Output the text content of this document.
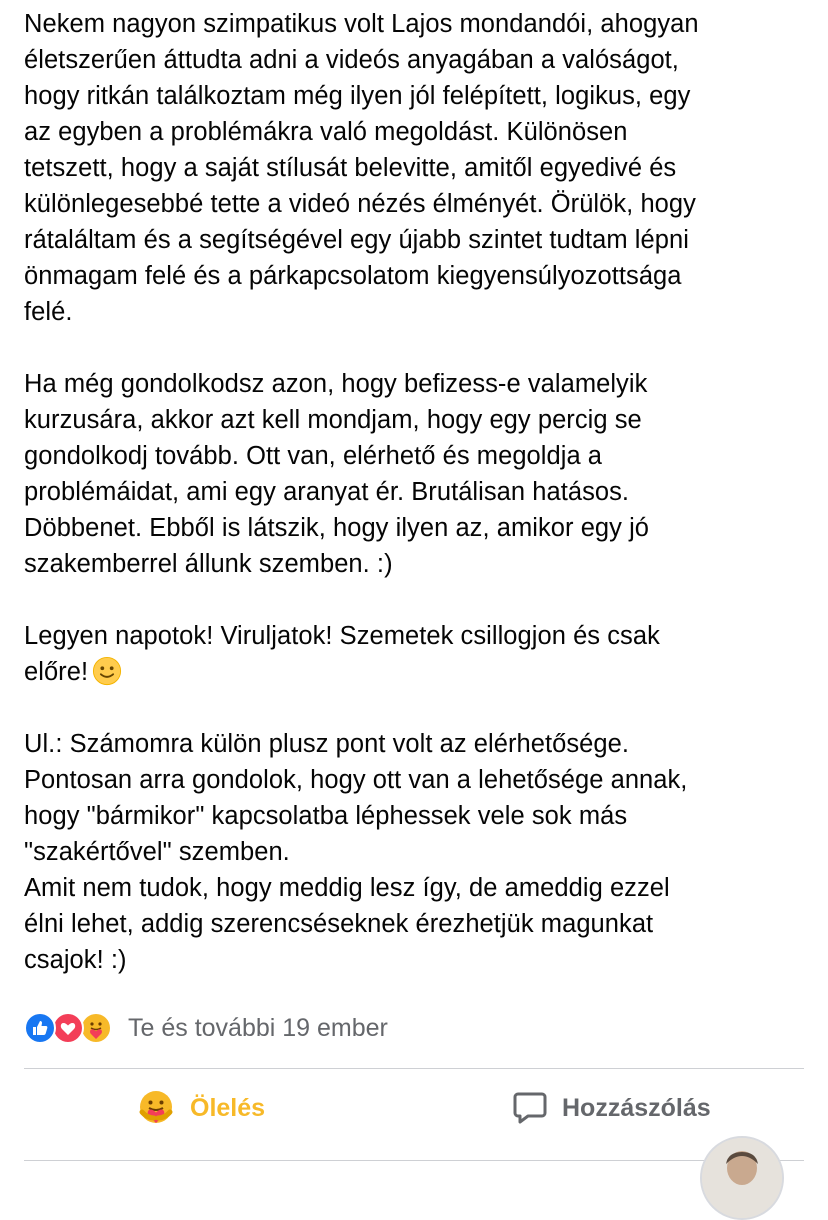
Nekem nagyon szimpatikus volt Lajos mondandói, ahogyan
életszerűen áttudta adni a videós anyagában a valóságot,
hogy ritkán találkoztam még ilyen jól felépített, logikus, egy
az egyben a problémákra való megoldást. Különösen
tetszett, hogy a saját stílusát belevitte, amitől egyedivé és
különlegesebbé tette a videó nézés élményét. Örülök, hogy
rátaláltam és a segítségével egy újabb szintet tudtam lépni
önmagam felé és a párkapcsolatom kiegyensúlyozottsága
felé.

Ha még gondolkodsz azon, hogy befizess-e valamelyik
kurzusára, akkor azt kell mondjam, hogy egy percig se
gondolkodj tovább. Ott van, elérhető és megoldja a
problémáidat, ami egy aranyat ér. Brutálisan hatásos.
Döbbenet. Ebből is látszik, hogy ilyen az, amikor egy jó
szakemberrel állunk szemben. :)

Legyen napotok! Viruljatok! Szemetek csillogjon és csak
előre!

Ul.: Számomra külön plusz pont volt az elérhetősége.
Pontosan arra gondolok, hogy ott van a lehetősége annak,
hogy "bármikor" kapcsolatba léphessek vele sok más
"szakértővel" szemben.
Amit nem tudok, hogy meddig lesz így, de ameddig ezzel
élni lehet, addig szerencséseknek érezhetjük magunkat
csajok! :)

Te és további 19 ember
Ölelés	Hozzászólás
